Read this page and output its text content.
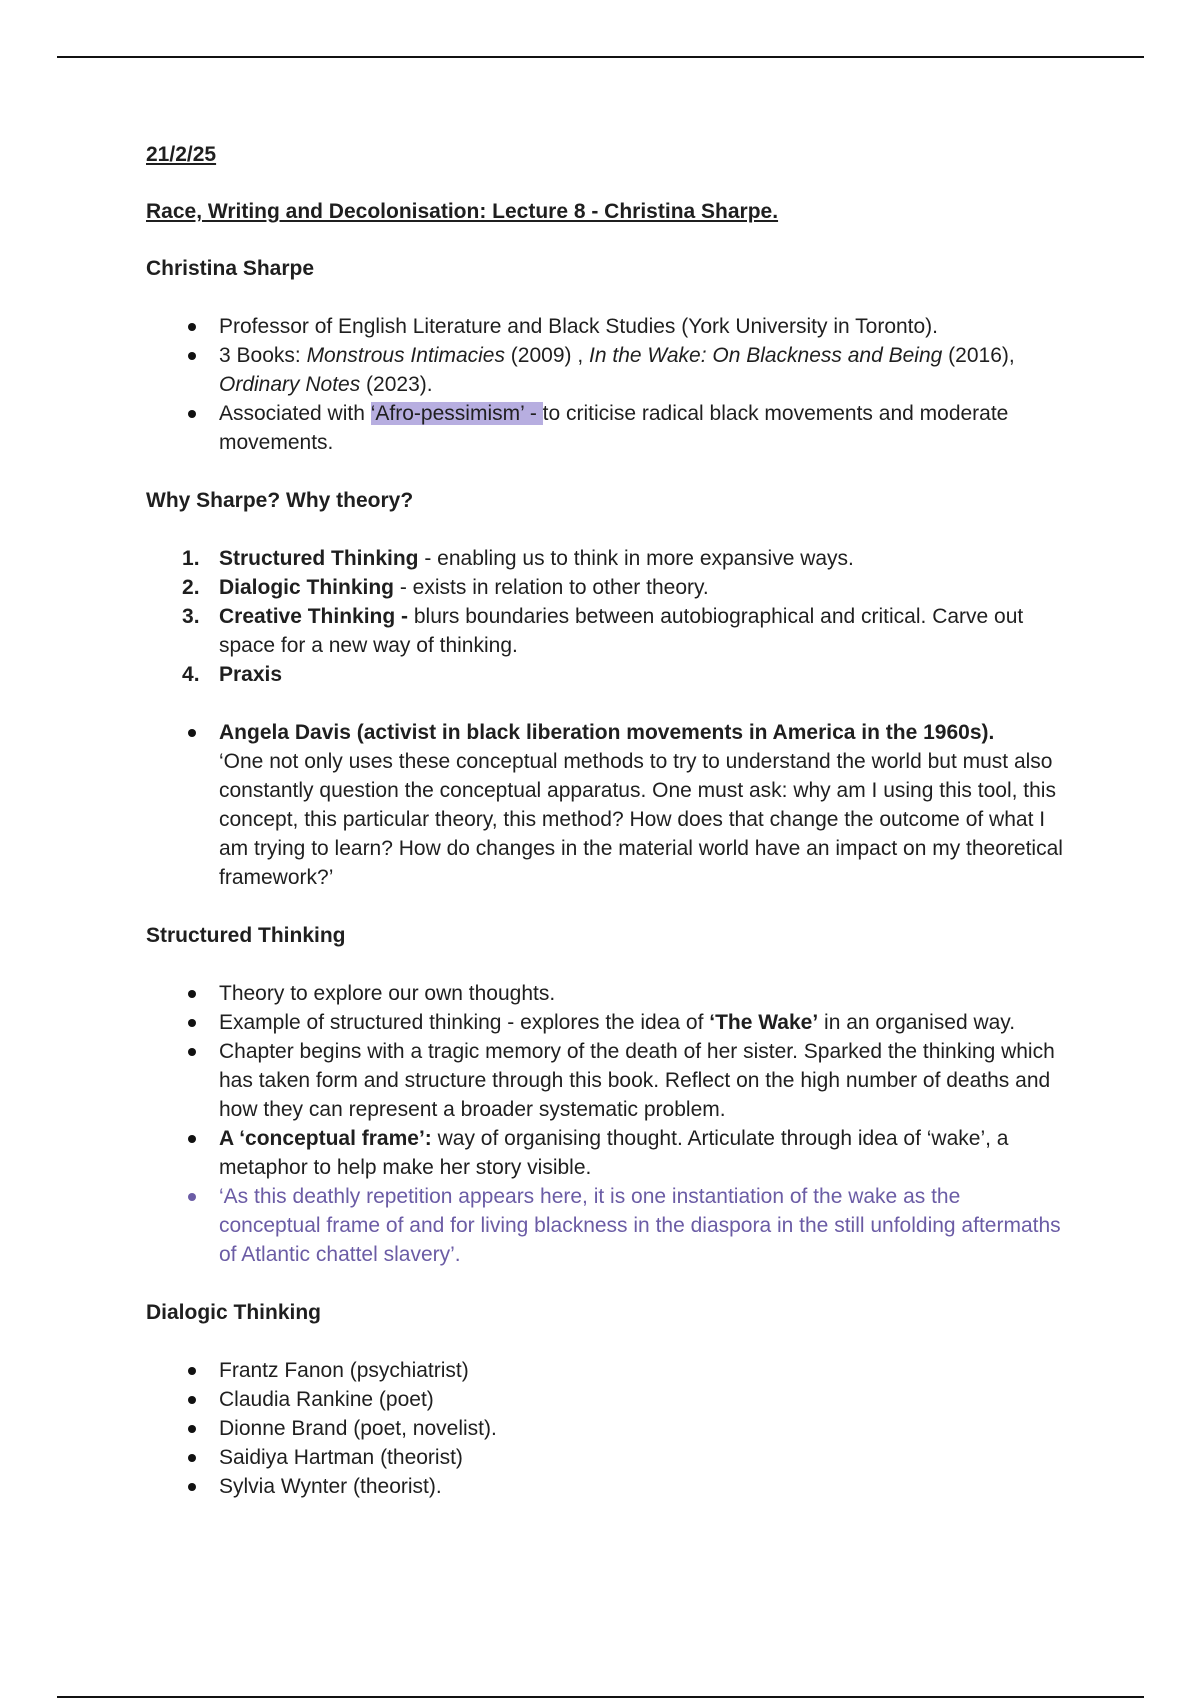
21/2/25
Race, Writing and Decolonisation: Lecture 8 - Christina Sharpe.
Christina Sharpe
Professor of English Literature and Black Studies (York University in Toronto).
3 Books: Monstrous Intimacies (2009) , In the Wake: On Blackness and Being (2016), Ordinary Notes (2023).
Associated with ‘Afro-pessimism’ - to criticise radical black movements and moderate movements.
Why Sharpe? Why theory?
Structured Thinking - enabling us to think in more expansive ways.
Dialogic Thinking - exists in relation to other theory.
Creative Thinking - blurs boundaries between autobiographical and critical. Carve out space for a new way of thinking.
Praxis
Angela Davis (activist in black liberation movements in America in the 1960s).
‘One not only uses these conceptual methods to try to understand the world but must also constantly question the conceptual apparatus. One must ask: why am I using this tool, this concept, this particular theory, this method? How does that change the outcome of what I am trying to learn? How do changes in the material world have an impact on my theoretical framework?’
Structured Thinking
Theory to explore our own thoughts.
Example of structured thinking - explores the idea of ‘The Wake’ in an organised way.
Chapter begins with a tragic memory of the death of her sister. Sparked the thinking which has taken form and structure through this book. Reflect on the high number of deaths and how they can represent a broader systematic problem.
A ‘conceptual frame’: way of organising thought. Articulate through idea of ‘wake’, a metaphor to help make her story visible.
‘As this deathly repetition appears here, it is one instantiation of the wake as the conceptual frame of and for living blackness in the diaspora in the still unfolding aftermaths of Atlantic chattel slavery’.
Dialogic Thinking
Frantz Fanon (psychiatrist)
Claudia Rankine (poet)
Dionne Brand (poet, novelist).
Saidiya Hartman (theorist)
Sylvia Wynter (theorist).
